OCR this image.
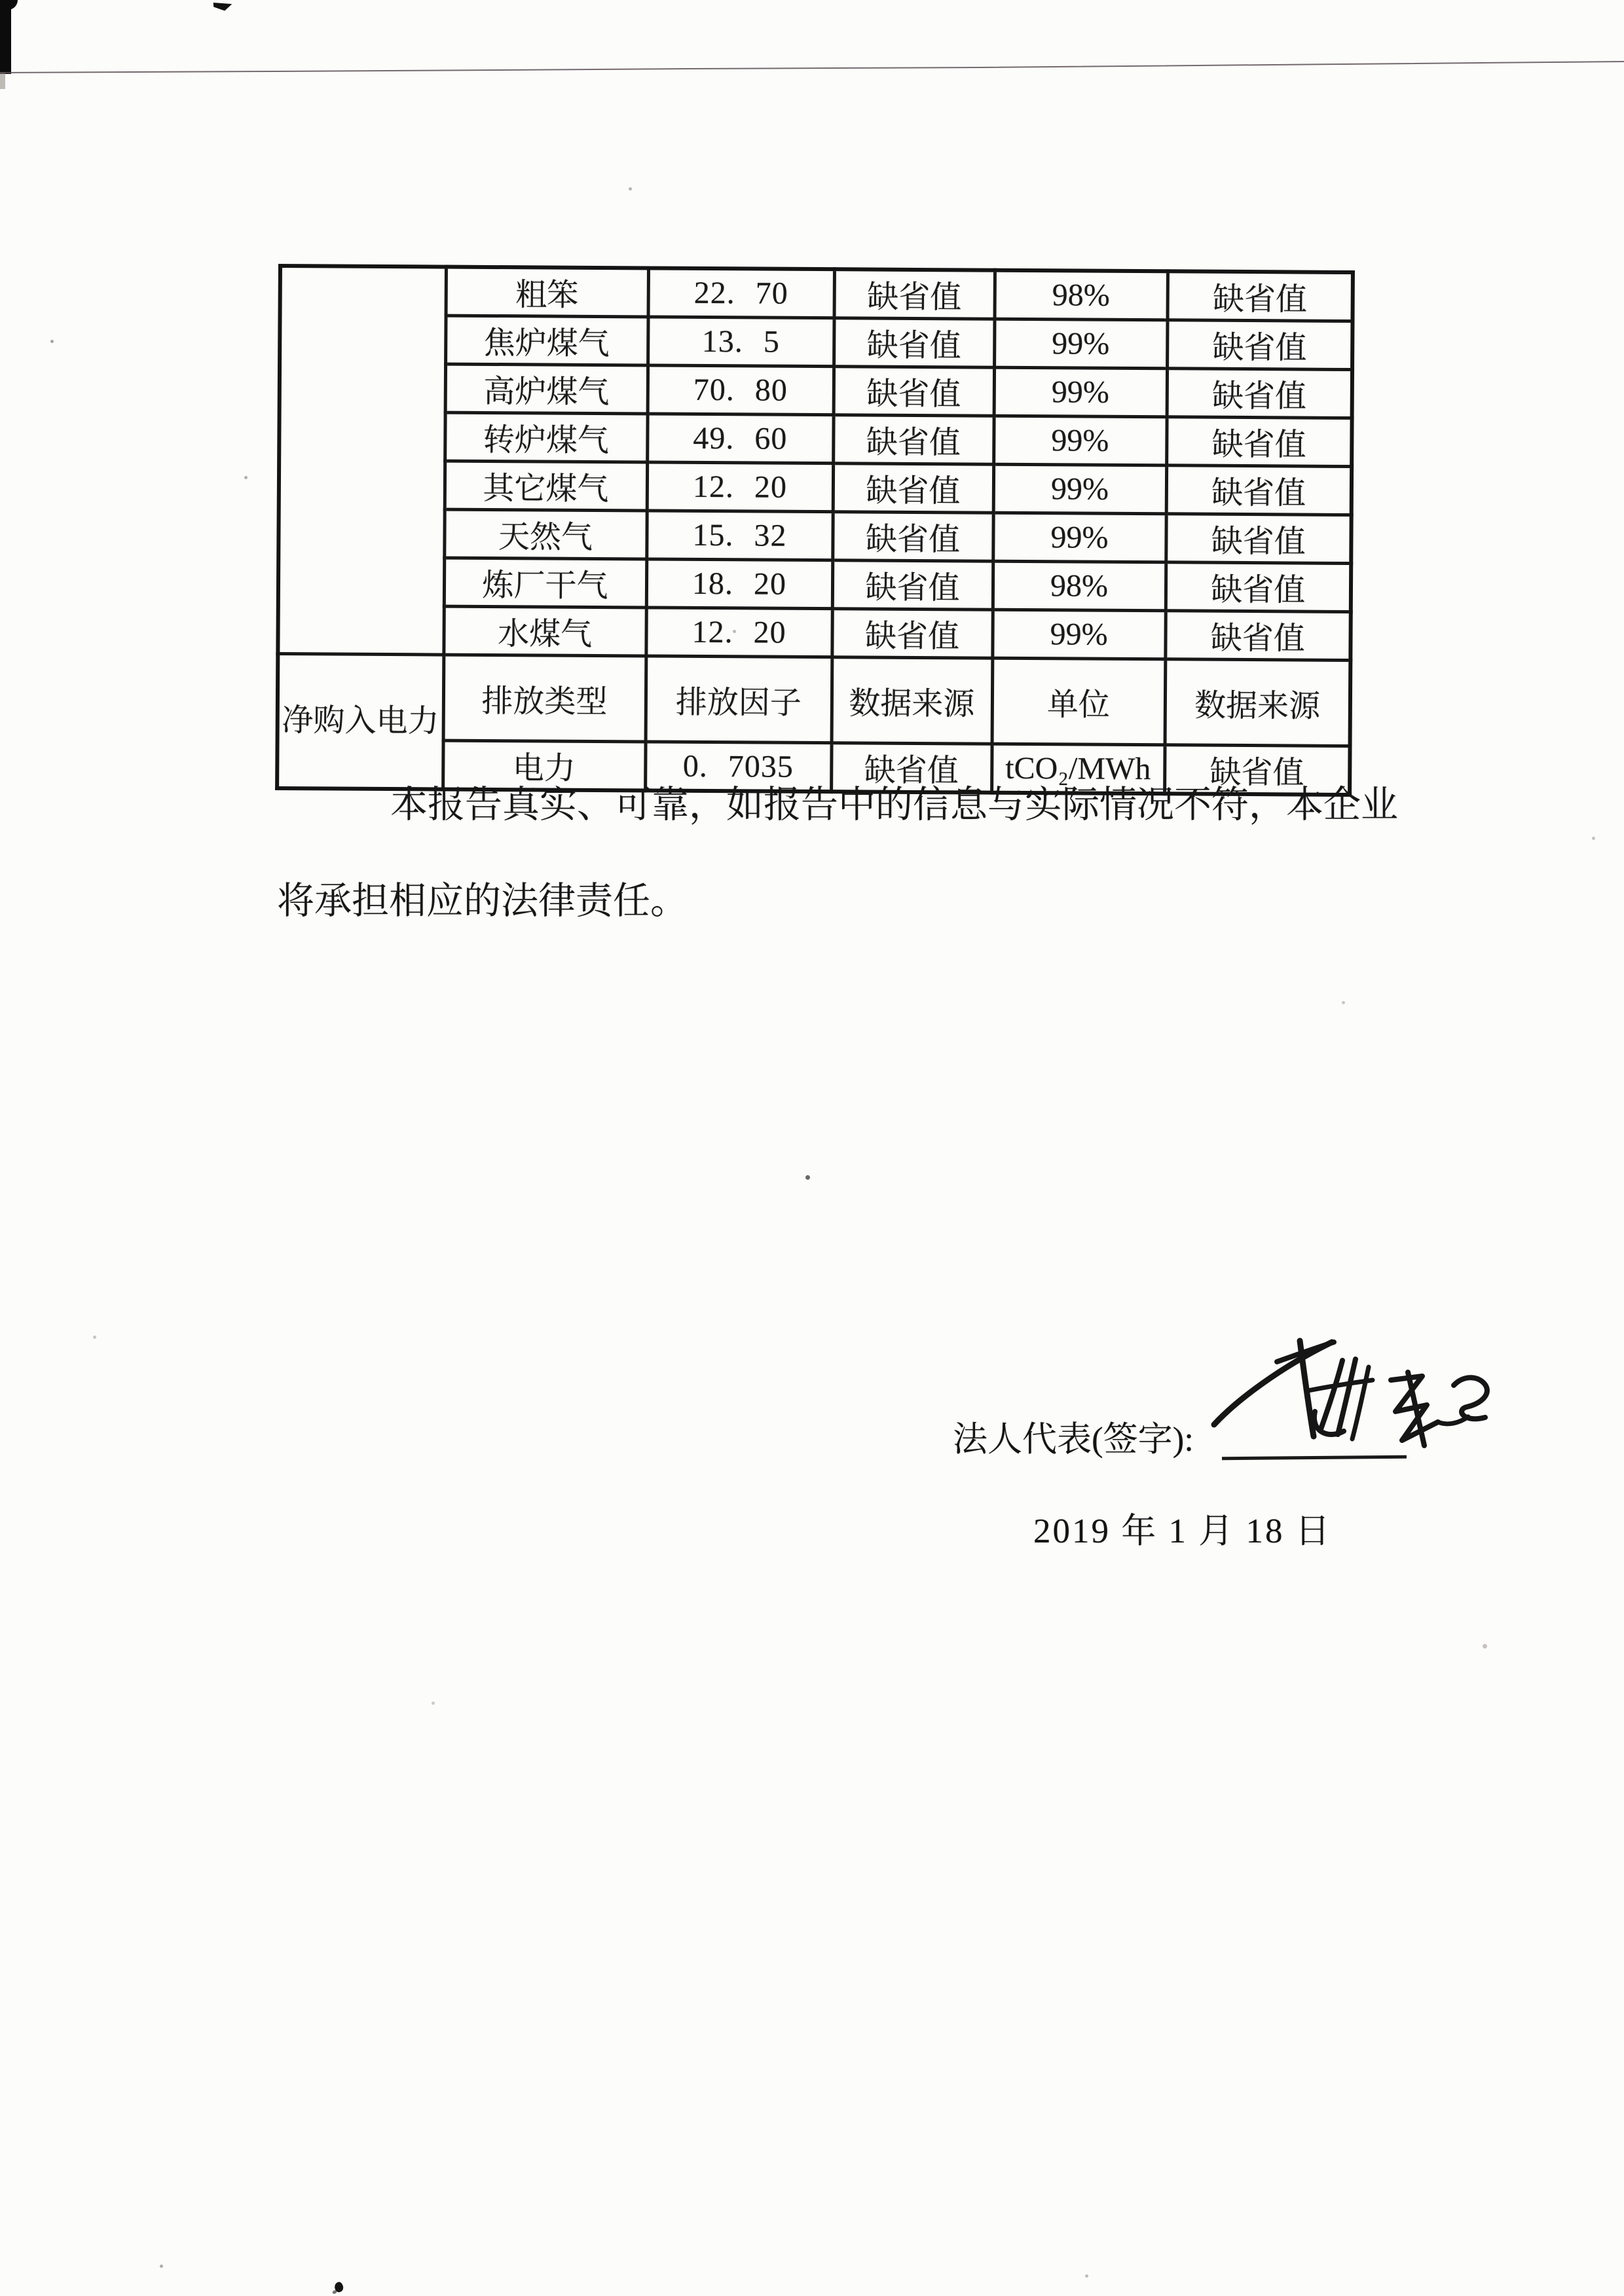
	粗笨	22. 70	缺省值	98%	缺省值
	焦炉煤气	13. 5	缺省值	99%	缺省值
	高炉煤气	70. 80	缺省值	99%	缺省值
	转炉煤气	49. 60	缺省值	99%	缺省值
	其它煤气	12. 20	缺省值	99%	缺省值
	天然气	15. 32	缺省值	99%	缺省值
	炼厂干气	18. 20	缺省值	98%	缺省值
	水煤气	12. 20	缺省值	99%	缺省值
净购入电力	排放类型	排放因子	数据来源	单位	数据来源
	电力	0. 7035	缺省值	tCO₂/MWh	缺省值
本报告真实、可靠，如报告中的信息与实际情况不符，本企业
将承担相应的法律责任。
法人代表(签字):
2019 年 1 月 18 日
